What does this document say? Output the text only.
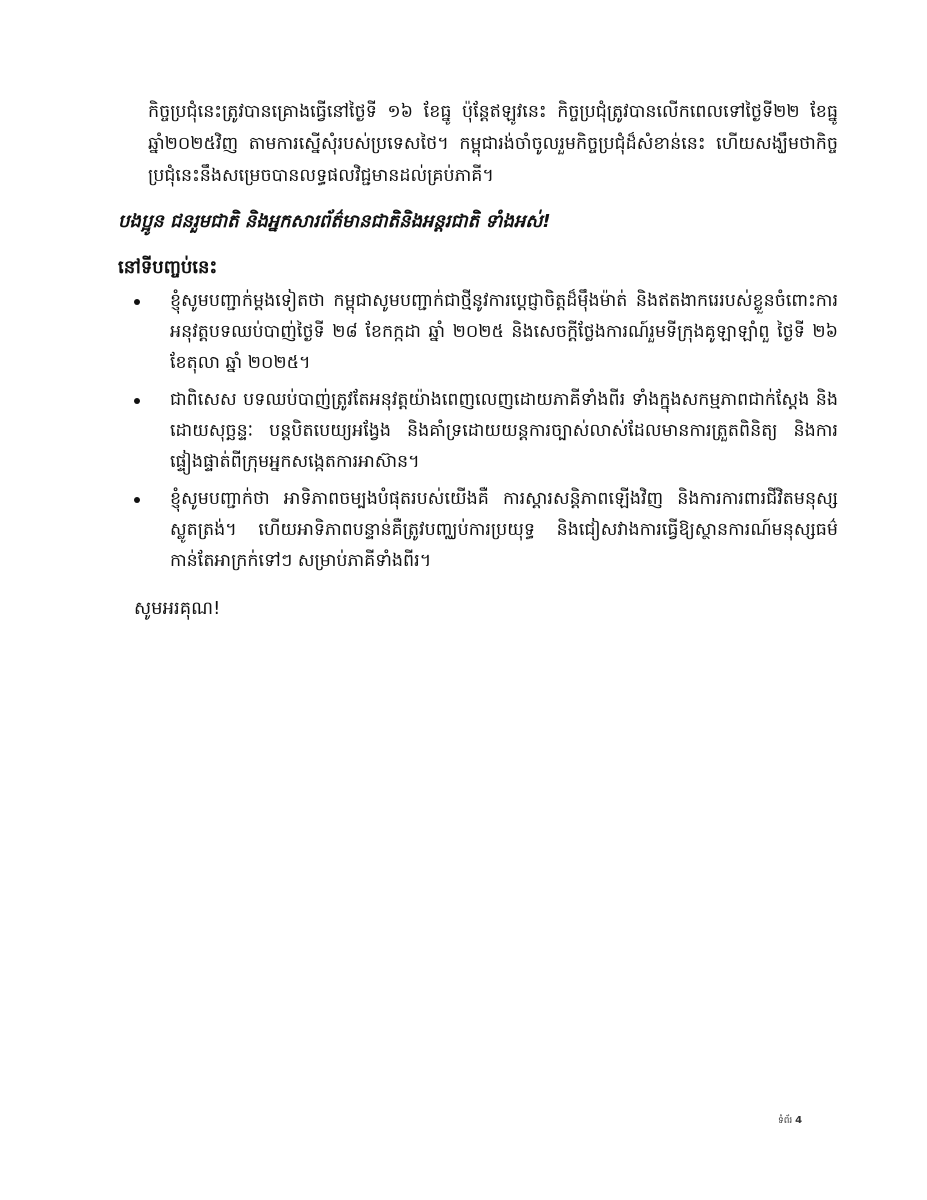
កិច្ចប្រជុំនេះត្រូវបានគ្រោងធ្វើនៅថ្ងៃទី ១៦ ខែធ្នូ ប៉ុន្តែឥឡូវនេះ កិច្ចប្រជុំត្រូវបានលើកពេលទៅថ្ងៃទី២២ ខែធ្នូ ឆ្នាំ២០២៥វិញ តាមការស្នើសុំរបស់ប្រទេសថៃ។ កម្ពុជារង់ចាំចូលរួមកិច្ចប្រជុំដ៏សំខាន់នេះ ហើយសង្ឃឹមថាកិច្ចប្រជុំនេះនឹងសម្រេចបានលទ្ធផលវិជ្ជមានដល់គ្រប់ភាគី។

បងប្អូន ជនរួមជាតិ និងអ្នកសារព័ត៌មានជាតិនិងអន្តរជាតិ ទាំងអស់!

នៅទីបញ្ចប់នេះ

ខ្ញុំសូមបញ្ជាក់ម្តងទៀតថា កម្ពុជាសូមបញ្ជាក់ជាថ្មីនូវការប្តេជ្ញាចិត្តដ៏មុឹងម៉ាត់ និងឥតងាករេរបស់ខ្លួនចំពោះការអនុវត្តបទឈប់បាញ់ថ្ងៃទី ២៨ ខែកក្កដា ឆ្នាំ ២០២៥ និងសេចក្តីថ្លែងការណ៍រួមទីក្រុងគូឡាឡាំពួ ថ្ងៃទី ២៦ ខែតុលា ឆ្នាំ ២០២៥។
ជាពិសេស បទឈប់បាញ់ត្រូវតែអនុវត្តយ៉ាងពេញលេញដោយភាគីទាំងពីរ ទាំងក្នុងសកម្មភាពជាក់ស្តែង និងដោយសុច្ឆន្ទៈ បន្តបិតបេយ្យអង្វែង និងគាំទ្រដោយយន្តការច្បាស់លាស់ដែលមានការត្រួតពិនិត្យ និងការផ្ទៀងផ្ទាត់ពីក្រុមអ្នកសង្កេតការអាស៊ាន។
ខ្ញុំសូមបញ្ជាក់ថា អាទិភាពចម្បងបំផុតរបស់យើងគឺ ការស្តារសន្តិភាពឡើងវិញ និងការការពារជីវិតមនុស្សស្លូតត្រង់។ ហើយអាទិភាពបន្ទាន់គឺត្រូវបញ្ឈប់ការប្រយុទ្ធ និងជៀសវាងការធ្វើឱ្យស្ថានការណ៍មនុស្សធម៌កាន់តែអាក្រក់ទៅៗ សម្រាប់ភាគីទាំងពីរ។

សូមអរគុណ!

ទំព័រ 4
